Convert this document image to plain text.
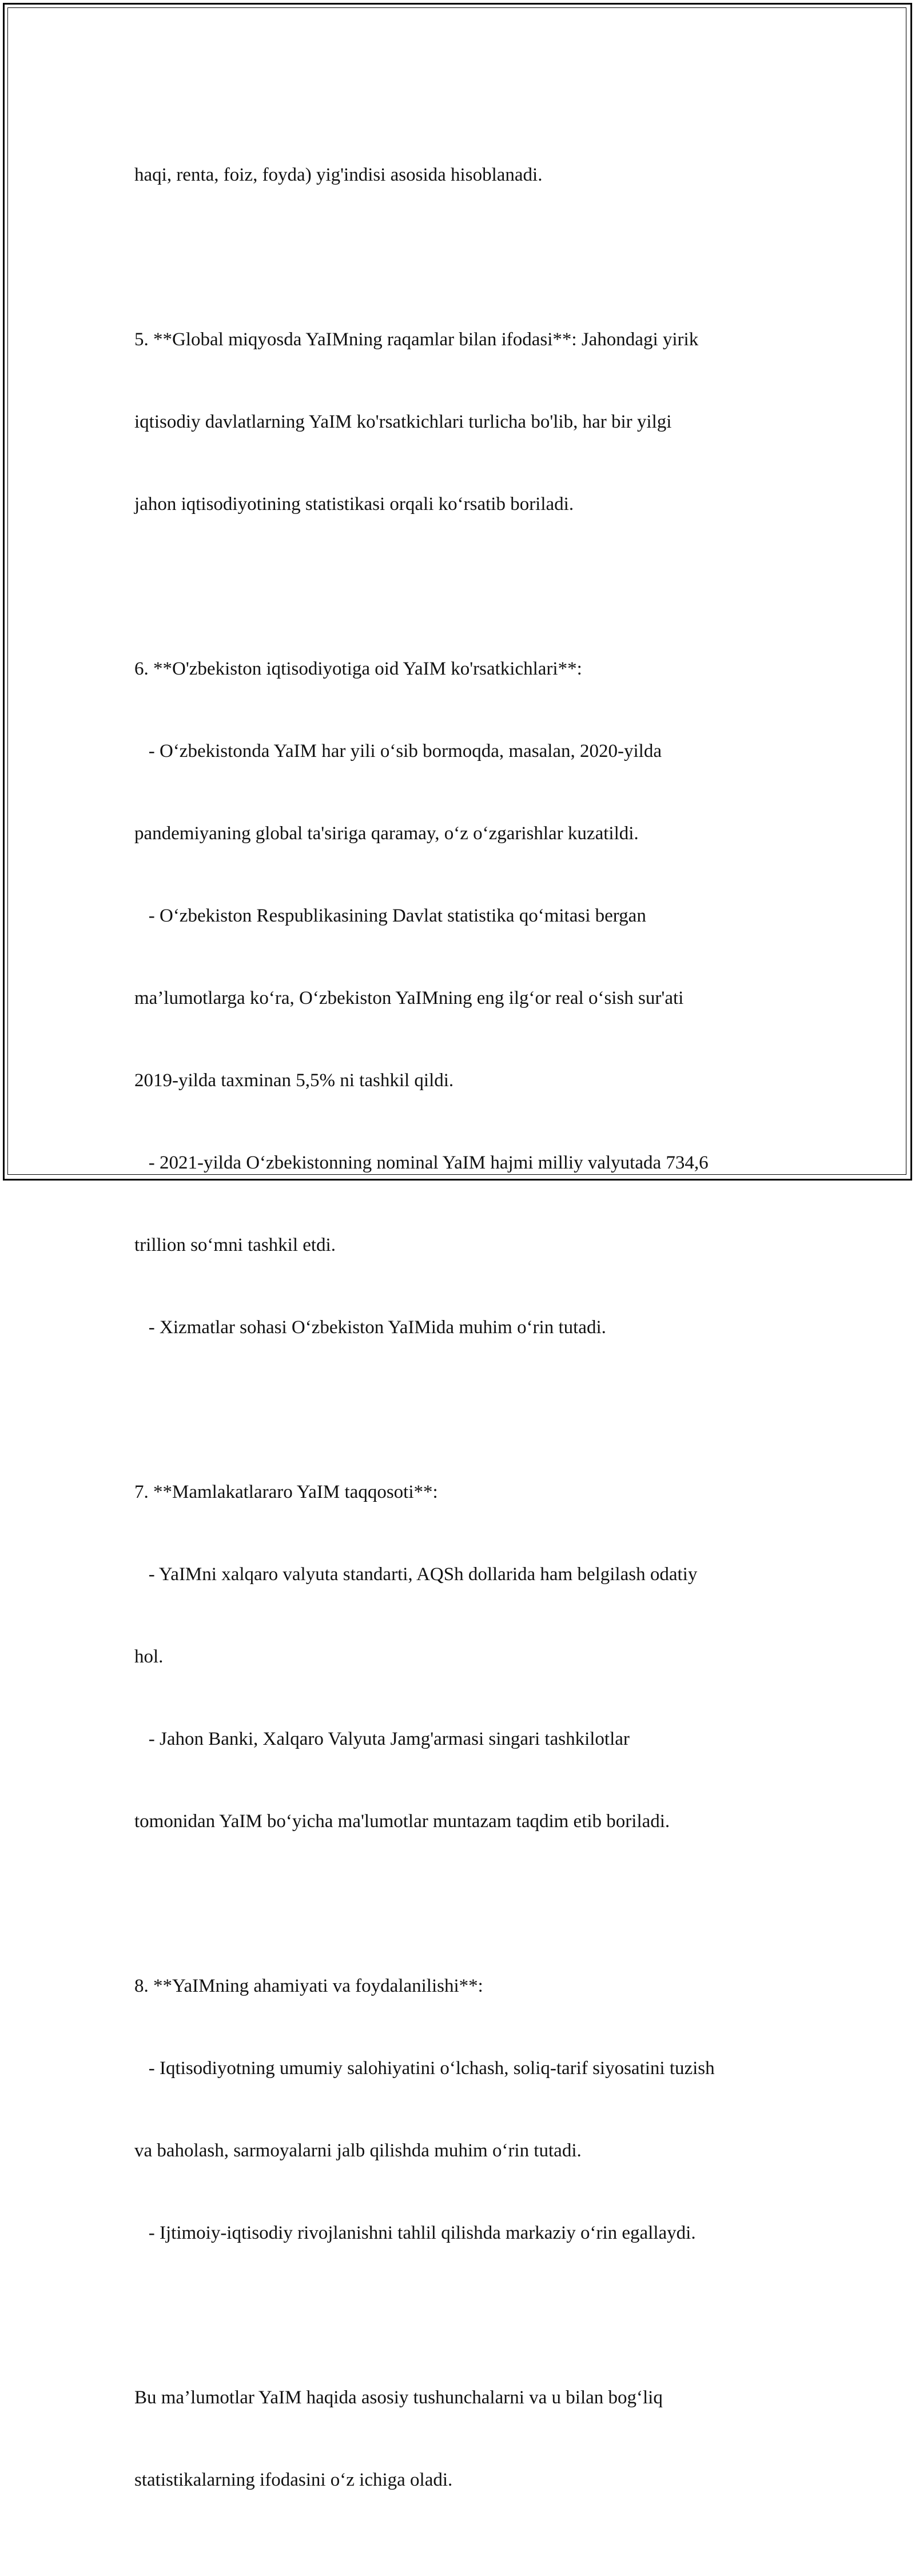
haqi, renta, foiz, foyda) yig'indisi asosida hisoblanadi.

5. **Global miqyosda YaIMning raqamlar bilan ifodasi**: Jahondagi yirik

iqtisodiy davlatlarning YaIM ko'rsatkichlari turlicha bo'lib, har bir yilgi

jahon iqtisodiyotining statistikasi orqali ko‘rsatib boriladi.

6. **O'zbekiston iqtisodiyotiga oid YaIM ko'rsatkichlari**:

- O‘zbekistonda YaIM har yili o‘sib bormoqda, masalan, 2020-yilda

pandemiyaning global ta'siriga qaramay, o‘z o‘zgarishlar kuzatildi.

- O‘zbekiston Respublikasining Davlat statistika qo‘mitasi bergan

ma’lumotlarga ko‘ra, O‘zbekiston YaIMning eng ilg‘or real o‘sish sur'ati

2019-yilda taxminan 5,5% ni tashkil qildi.

- 2021-yilda O‘zbekistonning nominal YaIM hajmi milliy valyutada 734,6

trillion so‘mni tashkil etdi.

- Xizmatlar sohasi O‘zbekiston YaIMida muhim o‘rin tutadi.

7. **Mamlakatlararo YaIM taqqosoti**:

- YaIMni xalqaro valyuta standarti, AQSh dollarida ham belgilash odatiy

hol.

- Jahon Banki, Xalqaro Valyuta Jamg'armasi singari tashkilotlar

tomonidan YaIM bo‘yicha ma'lumotlar muntazam taqdim etib boriladi.

8. **YaIMning ahamiyati va foydalanilishi**:

- Iqtisodiyotning umumiy salohiyatini o‘lchash, soliq-tarif siyosatini tuzish

va baholash, sarmoyalarni jalb qilishda muhim o‘rin tutadi.

- Ijtimoiy-iqtisodiy rivojlanishni tahlil qilishda markaziy o‘rin egallaydi.

Bu ma’lumotlar YaIM haqida asosiy tushunchalarni va u bilan bog‘liq

statistikalarning ifodasini o‘z ichiga oladi.
